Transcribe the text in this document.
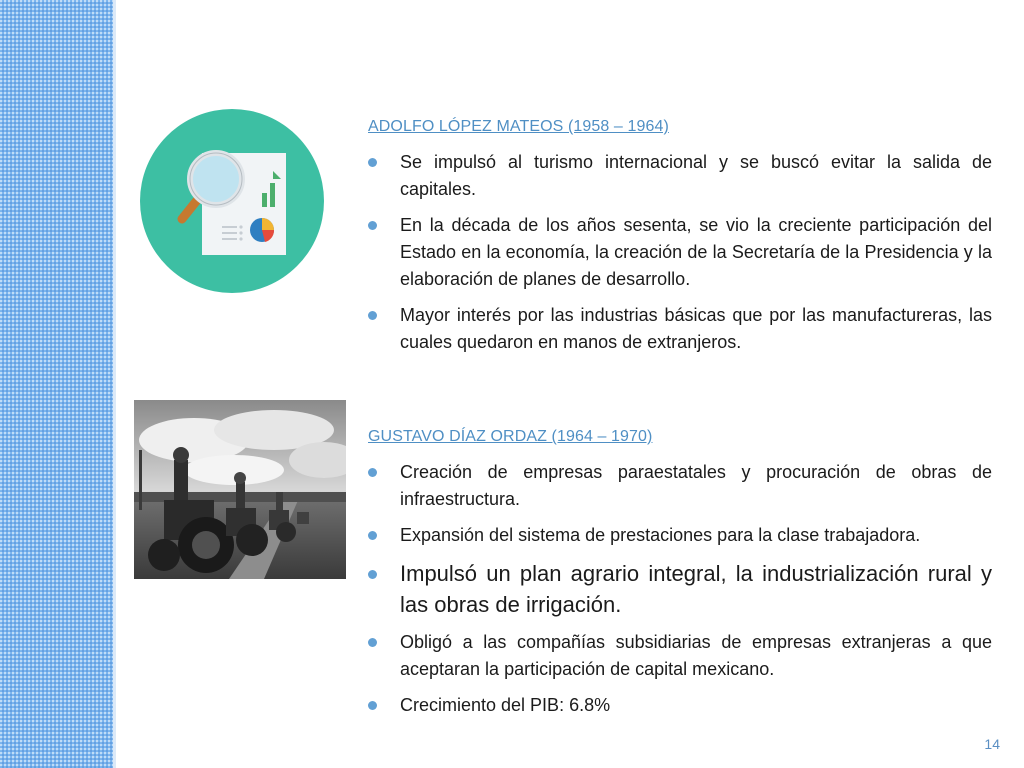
ADOLFO LÓPEZ MATEOS (1958 – 1964)
Se impulsó al turismo internacional y se buscó evitar la salida de capitales.
En la década de los años sesenta, se vio la creciente participación del Estado en la economía, la creación de la Secretaría de la Presidencia y la elaboración de planes de desarrollo.
Mayor interés por las industrias básicas que por las manufactureras, las cuales quedaron en manos de extranjeros.
GUSTAVO DÍAZ ORDAZ (1964 – 1970)
Creación de empresas paraestatales y procuración de obras de infraestructura.
Expansión del sistema de prestaciones para la clase trabajadora.
Impulsó un plan agrario integral, la industrialización rural y las obras de irrigación.
Obligó a las compañías subsidiarias de empresas extranjeras a que aceptaran la participación de capital mexicano.
Crecimiento del PIB: 6.8%
14
